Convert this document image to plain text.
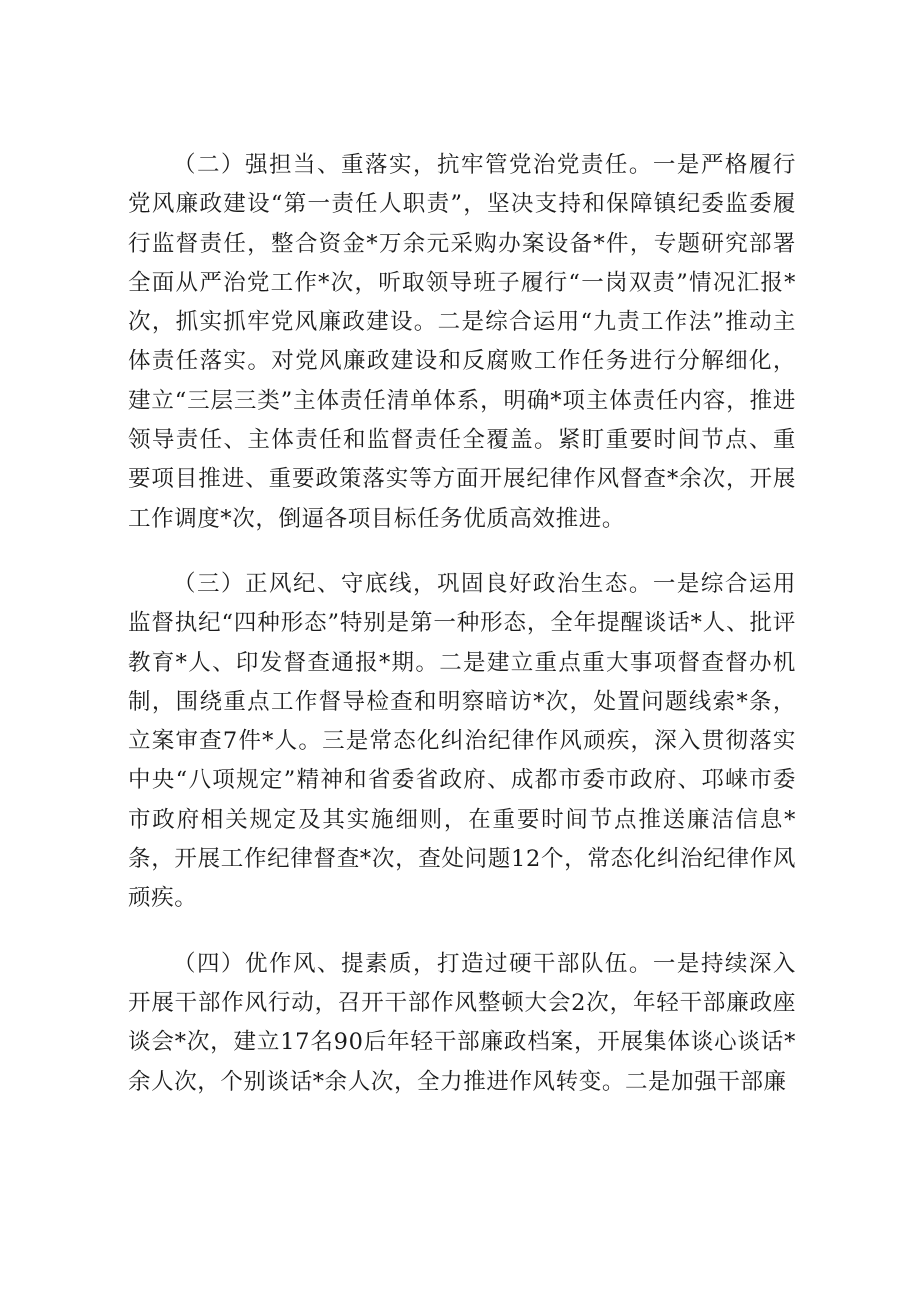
（二）强担当、重落实，抗牢管党治党责任。一是严格履行党风廉政建设“第一责任人职责”，坚决支持和保障镇纪委监委履行监督责任，整合资金*万余元采购办案设备*件，专题研究部署全面从严治党工作*次，听取领导班子履行“一岗双责”情况汇报*次，抓实抓牢党风廉政建设。二是综合运用“九责工作法”推动主体责任落实。对党风廉政建设和反腐败工作任务进行分解细化，建立“三层三类”主体责任清单体系，明确*项主体责任内容，推进领导责任、主体责任和监督责任全覆盖。紧盯重要时间节点、重要项目推进、重要政策落实等方面开展纪律作风督查*余次，开展工作调度*次，倒逼各项目标任务优质高效推进。

（三）正风纪、守底线，巩固良好政治生态。一是综合运用监督执纪“四种形态”特别是第一种形态，全年提醒谈话*人、批评教育*人、印发督查通报*期。二是建立重点重大事项督查督办机制，围绕重点工作督导检查和明察暗访*次，处置问题线索*条，立案审查7件*人。三是常态化纠治纪律作风顽疾，深入贯彻落实中央“八项规定”精神和省委省政府、成都市委市政府、邛崃市委市政府相关规定及其实施细则，在重要时间节点推送廉洁信息*条，开展工作纪律督查*次，查处问题12个，常态化纠治纪律作风顽疾。

（四）优作风、提素质，打造过硬干部队伍。一是持续深入开展干部作风行动，召开干部作风整顿大会2次，年轻干部廉政座谈会*次，建立17名90后年轻干部廉政档案，开展集体谈心谈话*余人次，个别谈话*余人次，全力推进作风转变。二是加强干部廉
